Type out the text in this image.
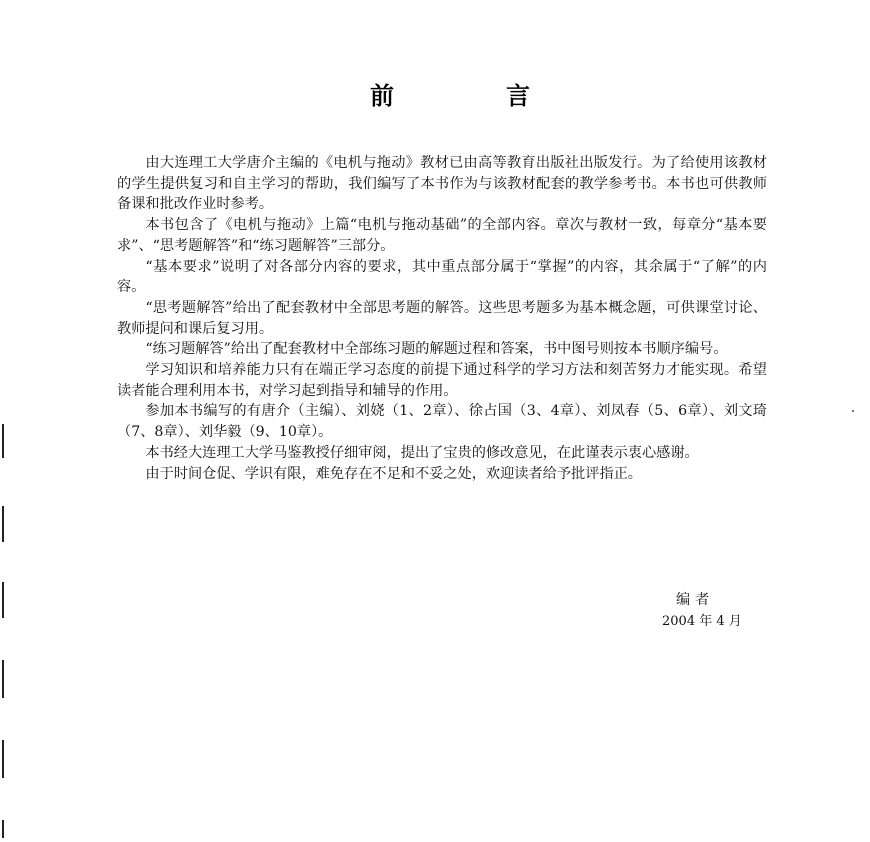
前	言

由大连理工大学唐介主编的《电机与拖动》教材已由高等教育出版社出版发行。为了给使用该教材的学生提供复习和自主学习的帮助，我们编写了本书作为与该教材配套的教学参考书。本书也可供教师备课和批改作业时参考。

本书包含了《电机与拖动》上篇“电机与拖动基础”的全部内容。章次与教材一致，每章分“基本要求”、“思考题解答”和“练习题解答”三部分。

“基本要求”说明了对各部分内容的要求，其中重点部分属于“掌握”的内容，其余属于“了解”的内容。

“思考题解答”给出了配套教材中全部思考题的解答。这些思考题多为基本概念题，可供课堂讨论、教师提问和课后复习用。

“练习题解答”给出了配套教材中全部练习题的解题过程和答案，书中图号则按本书顺序编号。

学习知识和培养能力只有在端正学习态度的前提下通过科学的学习方法和刻苦努力才能实现。希望读者能合理利用本书，对学习起到指导和辅导的作用。

参加本书编写的有唐介（主编）、刘娆（1、2章）、徐占国（3、4章）、刘凤春（5、6章）、刘文琦（7、8章）、刘华毅（9、10章）。

本书经大连理工大学马鉴教授仔细审阅，提出了宝贵的修改意见，在此谨表示衷心感谢。

由于时间仓促、学识有限，难免存在不足和不妥之处，欢迎读者给予批评指正。

编者
2004 年 4 月
